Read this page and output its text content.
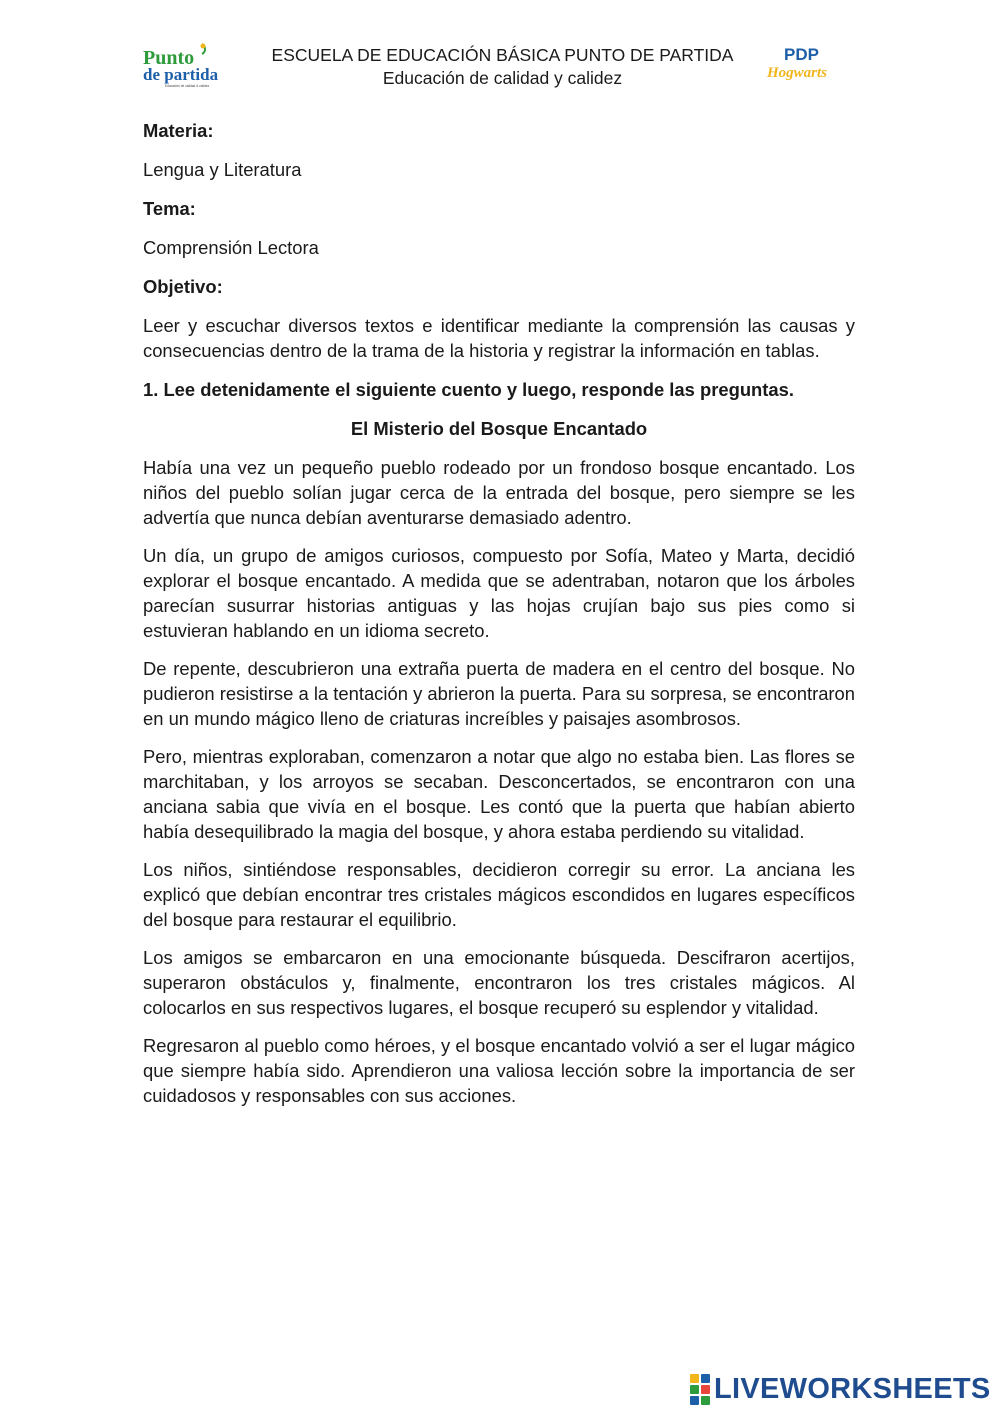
Punto
de partida
Educación de calidad & calidez
ESCUELA DE EDUCACIÓN BÁSICA PUNTO DE PARTIDA
Educación de calidad y calidez
PDP
Hogwarts

Materia:

Lengua y Literatura

Tema:

Comprensión Lectora

Objetivo:

Leer y escuchar diversos textos e identificar mediante la comprensión las causas y consecuencias dentro de la trama de la historia y registrar la información en tablas.

1. Lee detenidamente el siguiente cuento y luego, responde las preguntas.

El Misterio del Bosque Encantado

Había una vez un pequeño pueblo rodeado por un frondoso bosque encantado. Los niños del pueblo solían jugar cerca de la entrada del bosque, pero siempre se les advertía que nunca debían aventurarse demasiado adentro.

Un día, un grupo de amigos curiosos, compuesto por Sofía, Mateo y Marta, decidió explorar el bosque encantado. A medida que se adentraban, notaron que los árboles parecían susurrar historias antiguas y las hojas crujían bajo sus pies como si estuvieran hablando en un idioma secreto.

De repente, descubrieron una extraña puerta de madera en el centro del bosque. No pudieron resistirse a la tentación y abrieron la puerta. Para su sorpresa, se encontraron en un mundo mágico lleno de criaturas increíbles y paisajes asombrosos.

Pero, mientras exploraban, comenzaron a notar que algo no estaba bien. Las flores se marchitaban, y los arroyos se secaban. Desconcertados, se encontraron con una anciana sabia que vivía en el bosque. Les contó que la puerta que habían abierto había desequilibrado la magia del bosque, y ahora estaba perdiendo su vitalidad.

Los niños, sintiéndose responsables, decidieron corregir su error. La anciana les explicó que debían encontrar tres cristales mágicos escondidos en lugares específicos del bosque para restaurar el equilibrio.

Los amigos se embarcaron en una emocionante búsqueda. Descifraron acertijos, superaron obstáculos y, finalmente, encontraron los tres cristales mágicos. Al colocarlos en sus respectivos lugares, el bosque recuperó su esplendor y vitalidad.

Regresaron al pueblo como héroes, y el bosque encantado volvió a ser el lugar mágico que siempre había sido. Aprendieron una valiosa lección sobre la importancia de ser cuidadosos y responsables con sus acciones.

LIVEWORKSHEETS
